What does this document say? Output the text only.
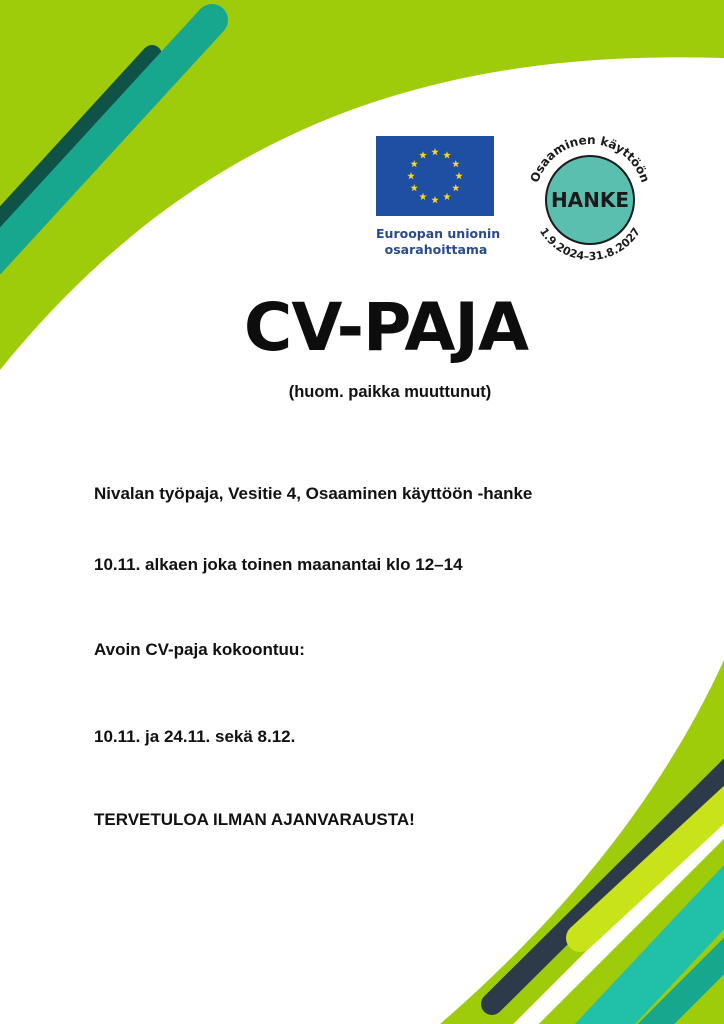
Euroopan unionin
osarahoittama
Osaaminen käyttöön
HANKE
1.9.2024–31.8.2027
CV-PAJA
(huom. paikka muuttunut)
Nivalan työpaja, Vesitie 4, Osaaminen käyttöön -hanke
10.11. alkaen joka toinen maanantai klo 12–14
Avoin CV-paja kokoontuu:
10.11. ja 24.11. sekä 8.12.
TERVETULOA ILMAN AJANVARAUSTA!
